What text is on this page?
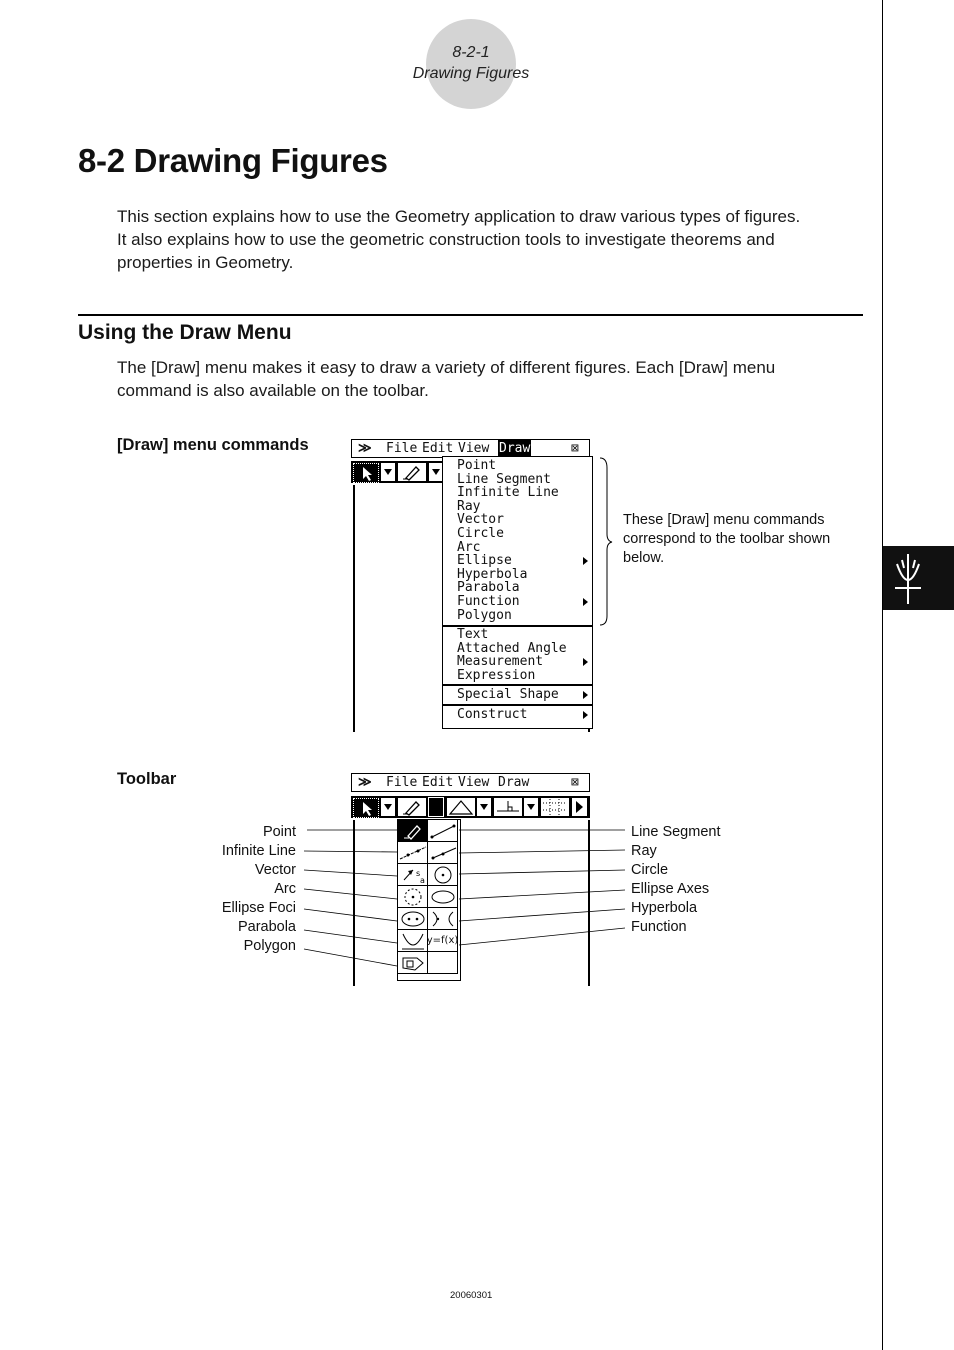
8-2-1
Drawing Figures
8-2 Drawing Figures
This section explains how to use the Geometry application to draw various types of figures.
It also explains how to use the geometric construction tools to investigate theorems and
properties in Geometry.
Using the Draw Menu
The [Draw] menu makes it easy to draw a variety of different figures. Each [Draw] menu
command is also available on the toolbar.
[Draw] menu commands
Toolbar
≫ File Edit View Draw	⊠
Point
Line Segment
Infinite Line
Ray
Vector
Circle
Arc
Ellipse
Hyperbola
Parabola
Function
Polygon
Text
Attached Angle
Measurement
Expression
Special Shape
Construct
These [Draw] menu commands
correspond to the toolbar shown
below.
≫ File Edit View Draw	⊠
s
a
y=f(x)
Point
Infinite Line
Vector
Arc
Ellipse Foci
Parabola
Polygon
Line Segment
Ray
Circle
Ellipse Axes
Hyperbola
Function
20060301
